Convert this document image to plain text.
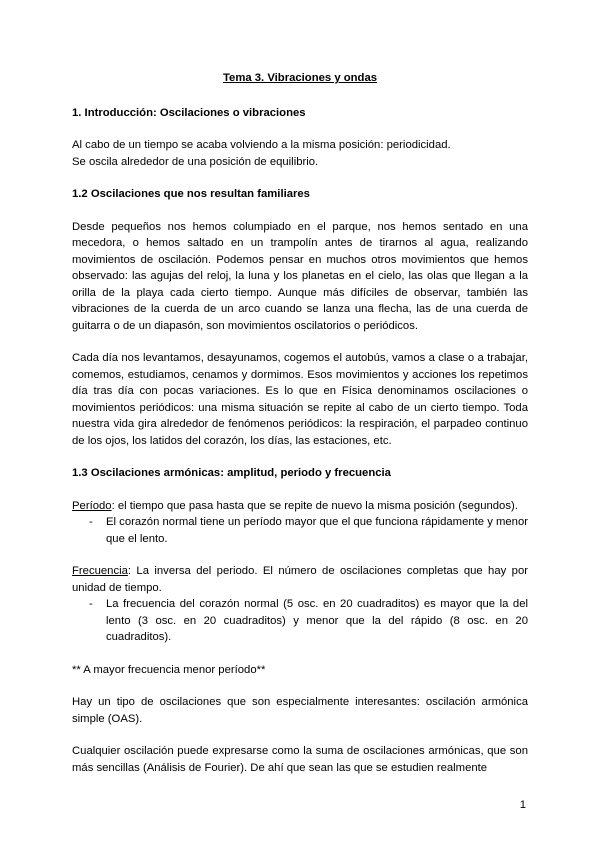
Tema 3. Vibraciones y ondas

1. Introducción: Oscilaciones o vibraciones

Al cabo de un tiempo se acaba volviendo a la misma posición: periodicidad.

Se oscila alrededor de una posición de equilibrio.

1.2 Oscilaciones que nos resultan familiares

Desde pequeños nos hemos columpiado en el parque, nos hemos sentado en una mecedora, o hemos saltado en un trampolín antes de tirarnos al agua, realizando movimientos de oscilación. Podemos pensar en muchos otros movimientos que hemos observado: las agujas del reloj, la luna y los planetas en el cielo, las olas que llegan a la orilla de la playa cada cierto tiempo. Aunque más difíciles de observar, también las vibraciones de la cuerda de un arco cuando se lanza una flecha, las de una cuerda de guitarra o de un diapasón, son movimientos oscilatorios o periódicos.

Cada día nos levantamos, desayunamos, cogemos el autobús, vamos a clase o a trabajar, comemos, estudiamos, cenamos y dormimos. Esos movimientos y acciones los repetimos día tras día con pocas variaciones. Es lo que en Física denominamos oscilaciones o movimientos periódicos: una misma situación se repite al cabo de un cierto tiempo. Toda nuestra vida gira alrededor de fenómenos periódicos: la respiración, el parpadeo continuo de los ojos, los latidos del corazón, los días, las estaciones, etc.

1.3 Oscilaciones armónicas: amplitud, periodo y frecuencia

Período: el tiempo que pasa hasta que se repite de nuevo la misma posición (segundos).

-	El corazón normal tiene un período mayor que el que funciona rápidamente y menor que el lento.

Frecuencia: La inversa del periodo. El número de oscilaciones completas que hay por unidad de tiempo.

-	La frecuencia del corazón normal (5 osc. en 20 cuadraditos) es mayor que la del lento (3 osc. en 20 cuadraditos) y menor que la del rápido (8 osc. en 20 cuadraditos).

** A mayor frecuencia menor período**

Hay un tipo de oscilaciones que son especialmente interesantes: oscilación armónica simple (OAS).

Cualquier oscilación puede expresarse como la suma de oscilaciones armónicas, que son más sencillas (Análisis de Fourier). De ahí que sean las que se estudien realmente

1
